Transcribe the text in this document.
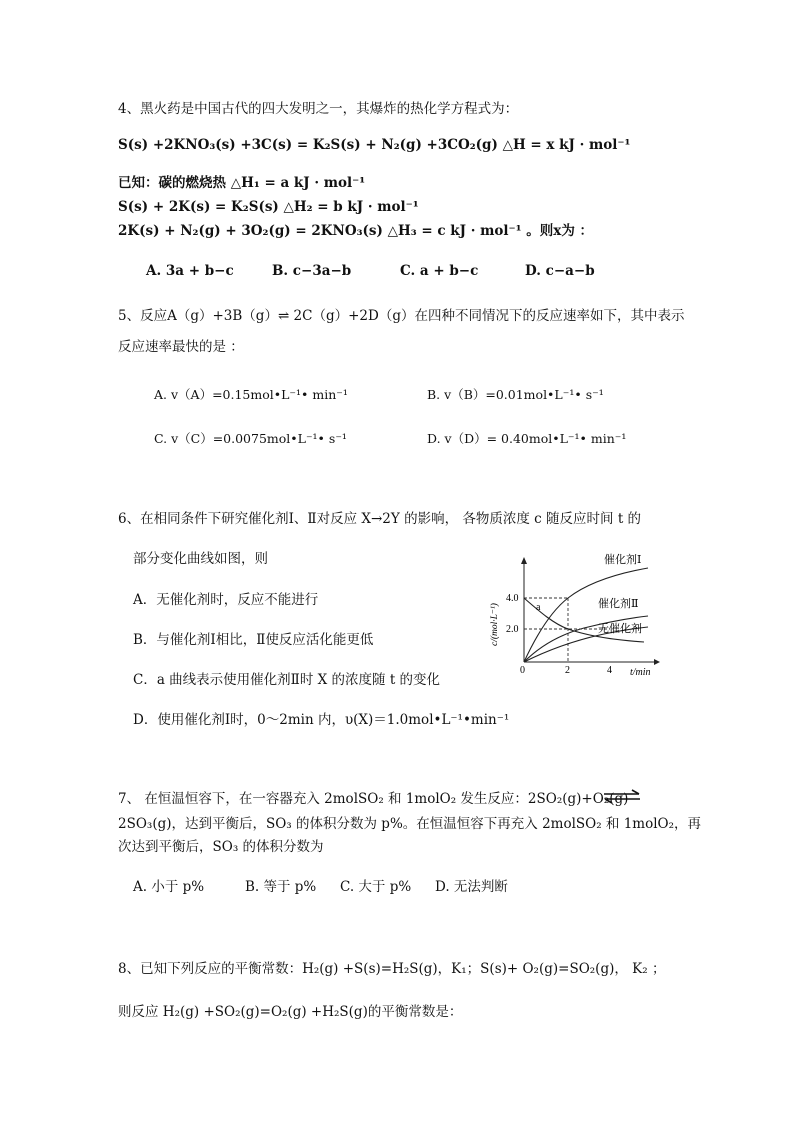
4、黑火药是中国古代的四大发明之一，其爆炸的热化学方程式为：
S(s) +2KNO₃(s) +3C(s) = K₂S(s) + N₂(g) +3CO₂(g) △H = x kJ · mol⁻¹
已知：碳的燃烧热 △H₁ = a kJ · mol⁻¹
S(s) + 2K(s) = K₂S(s) △H₂ = b kJ · mol⁻¹
2K(s) + N₂(g) + 3O₂(g) = 2KNO₃(s) △H₃ = c kJ · mol⁻¹ 。则x为 ：
A. 3a + b−c	B. c−3a−b	C. a + b−c	D. c−a−b
5、反应A（g）+3B（g）⇌ 2C（g）+2D（g）在四种不同情况下的反应速率如下，其中表示
反应速率最快的是 ：
A. v（A）=0.15mol•L⁻¹• min⁻¹	B. v（B）=0.01mol•L⁻¹• s⁻¹
C. v（C）=0.0075mol•L⁻¹• s⁻¹	D. v（D）= 0.40mol•L⁻¹• min⁻¹
6、在相同条件下研究催化剂Ⅰ、Ⅱ对反应 X→2Y 的影响， 各物质浓度 c 随反应时间 t 的
部分变化曲线如图，则
A．无催化剂时，反应不能进行
B．与催化剂Ⅰ相比，Ⅱ使反应活化能更低
C．a 曲线表示使用催化剂Ⅱ时 X 的浓度随 t 的变化
D．使用催化剂Ⅰ时，0～2min 内，υ(X)＝1.0mol•L⁻¹•min⁻¹
催化剂Ⅰ
催化剂Ⅱ
无催化剂
a
4.0
2.0
0	2	4 t/min
c/(mol·L⁻¹)
7、 在恒温恒容下，在一容器充入 2molSO₂ 和 1molO₂ 发生反应：2SO₂(g)+O₂(g)
2SO₃(g)，达到平衡后，SO₃ 的体积分数为 p%。在恒温恒容下再充入 2molSO₂ 和 1molO₂，再
次达到平衡后，SO₃ 的体积分数为
A. 小于 p%	B. 等于 p% C. 大于 p% D. 无法判断
8、已知下列反应的平衡常数：H₂(g) +S(s)=H₂S(g)，K₁；S(s)+ O₂(g)=SO₂(g)， K₂ ；
则反应 H₂(g) +SO₂(g)=O₂(g) +H₂S(g)的平衡常数是：
